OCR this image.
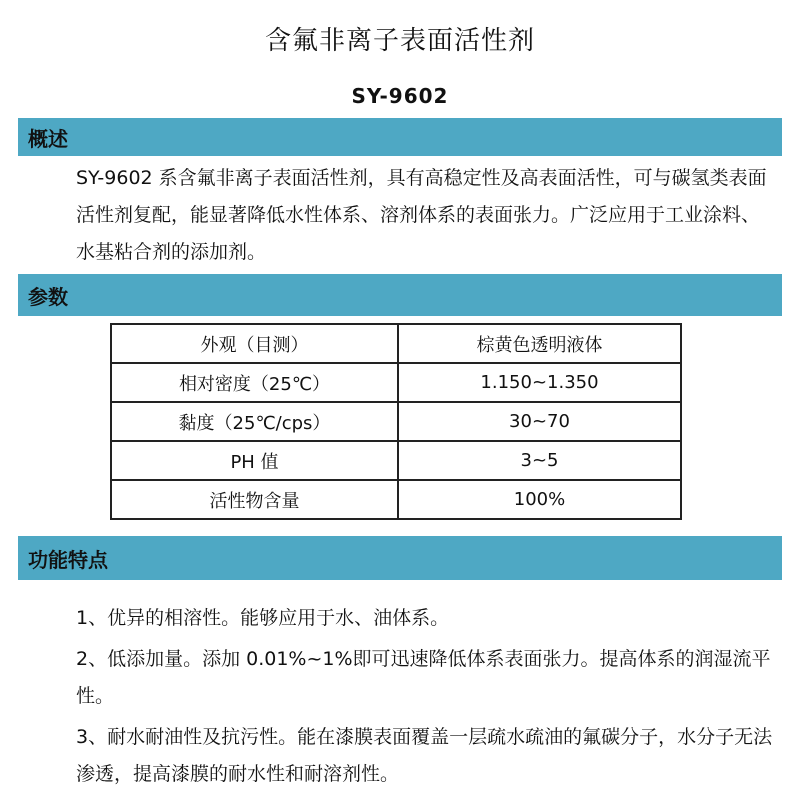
含氟非离子表面活性剂
SY-9602
概述
SY-9602 系含氟非离子表面活性剂，具有高稳定性及高表面活性，可与碳氢类表面活性剂复配，能显著降低水性体系、溶剂体系的表面张力。广泛应用于工业涂料、水基粘合剂的添加剂。
参数
外观（目测）	棕黄色透明液体
相对密度（25℃）	1.150~1.350
黏度（25℃/cps）	30~70
PH 值	3~5
活性物含量	100%
功能特点
1、优异的相溶性。能够应用于水、油体系。
2、低添加量。添加 0.01%~1%即可迅速降低体系表面张力。提高体系的润湿流平性。
3、耐水耐油性及抗污性。能在漆膜表面覆盖一层疏水疏油的氟碳分子，水分子无法渗透，提高漆膜的耐水性和耐溶剂性。
